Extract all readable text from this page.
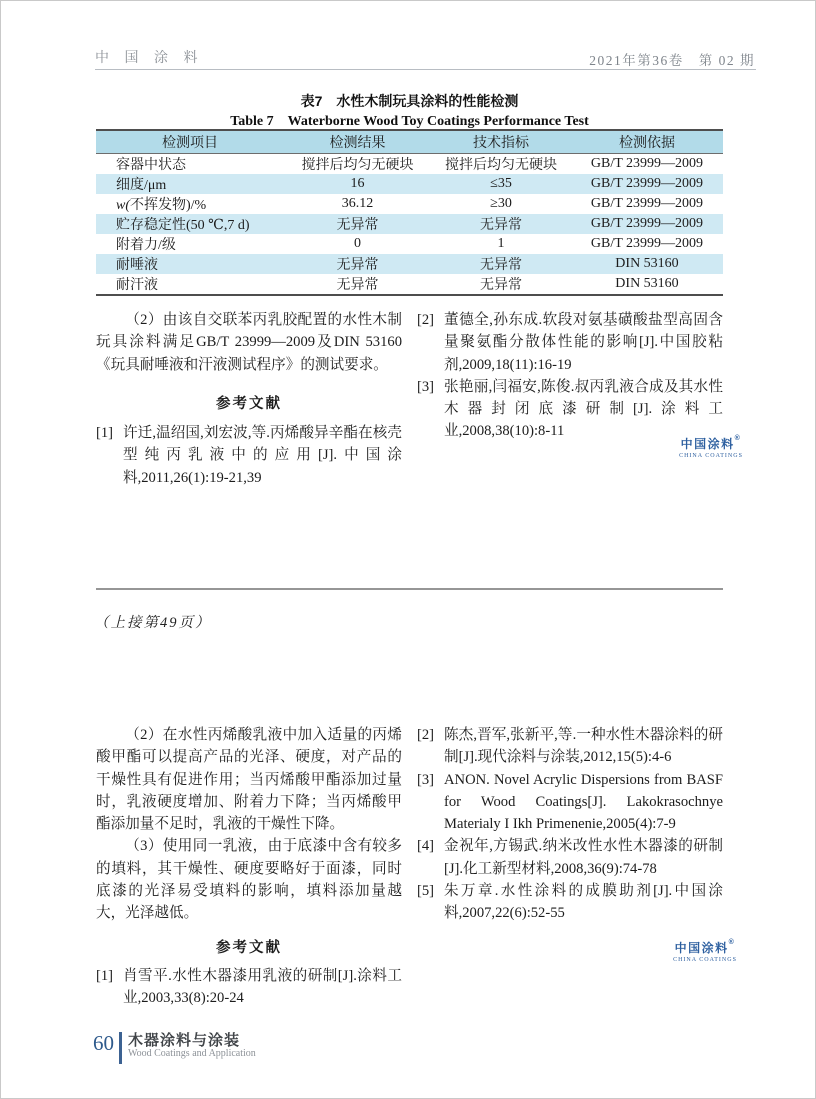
中 国 涂 料	2021年第36卷　第 02 期
表7　水性木制玩具涂料的性能检测
Table 7　Waterborne Wood Toy Coatings Performance Test
检测项目	检测结果	技术指标	检测依据
容器中状态	搅拌后均匀无硬块	搅拌后均匀无硬块	GB/T 23999—2009
细度/μm	16	≤35	GB/T 23999—2009
w(不挥发物)/%	36.12	≥30	GB/T 23999—2009
贮存稳定性(50 ℃,7 d)	无异常	无异常	GB/T 23999—2009
附着力/级	0	1	GB/T 23999—2009
耐唾液	无异常	无异常	DIN 53160
耐汗液	无异常	无异常	DIN 53160

（2）由该自交联苯丙乳胶配置的水性木制玩具涂料满足GB/T 23999—2009及DIN 53160《玩具耐唾液和汗液测试程序》的测试要求。

参考文献

[1] 许迁,温绍国,刘宏波,等.丙烯酸异辛酯在核壳型纯丙乳液中的应用[J].中国涂料,2011,26(1):19-21,39
[2] 董德全,孙东成.软段对氨基磺酸盐型高固含量聚氨酯分散体性能的影响[J].中国胶粘剂,2009,18(11):16-19
[3] 张艳丽,闫福安,陈俊.叔丙乳液合成及其水性木器封闭底漆研制[J].涂料工业,2008,38(10):8-11
中国涂料®
CHINA COATINGS
（上接第49页）

（2）在水性丙烯酸乳液中加入适量的丙烯酸甲酯可以提高产品的光泽、硬度，对产品的干燥性具有促进作用；当丙烯酸甲酯添加过量时，乳液硬度增加、附着力下降；当丙烯酸甲酯添加量不足时，乳液的干燥性下降。

（3）使用同一乳液，由于底漆中含有较多的填料，其干燥性、硬度要略好于面漆，同时底漆的光泽易受填料的影响，填料添加量越大，光泽越低。

参考文献

[1] 肖雪平.水性木器漆用乳液的研制[J].涂料工业,2003,33(8):20-24
[2] 陈杰,晋军,张新平,等.一种水性木器涂料的研制[J].现代涂料与涂装,2012,15(5):4-6
[3] ANON. Novel Acrylic Dispersions from BASF for Wood Coatings[J]. Lakokrasochnye Materialy I Ikh Primenenie,2005(4):7-9
[4] 金祝年,方锡武.纳米改性水性木器漆的研制[J].化工新型材料,2008,36(9):74-78
[5] 朱万章.水性涂料的成膜助剂[J].中国涂料,2007,22(6):52-55
中国涂料®
CHINA COATINGS
60 木器涂料与涂装
Wood Coatings and Application
